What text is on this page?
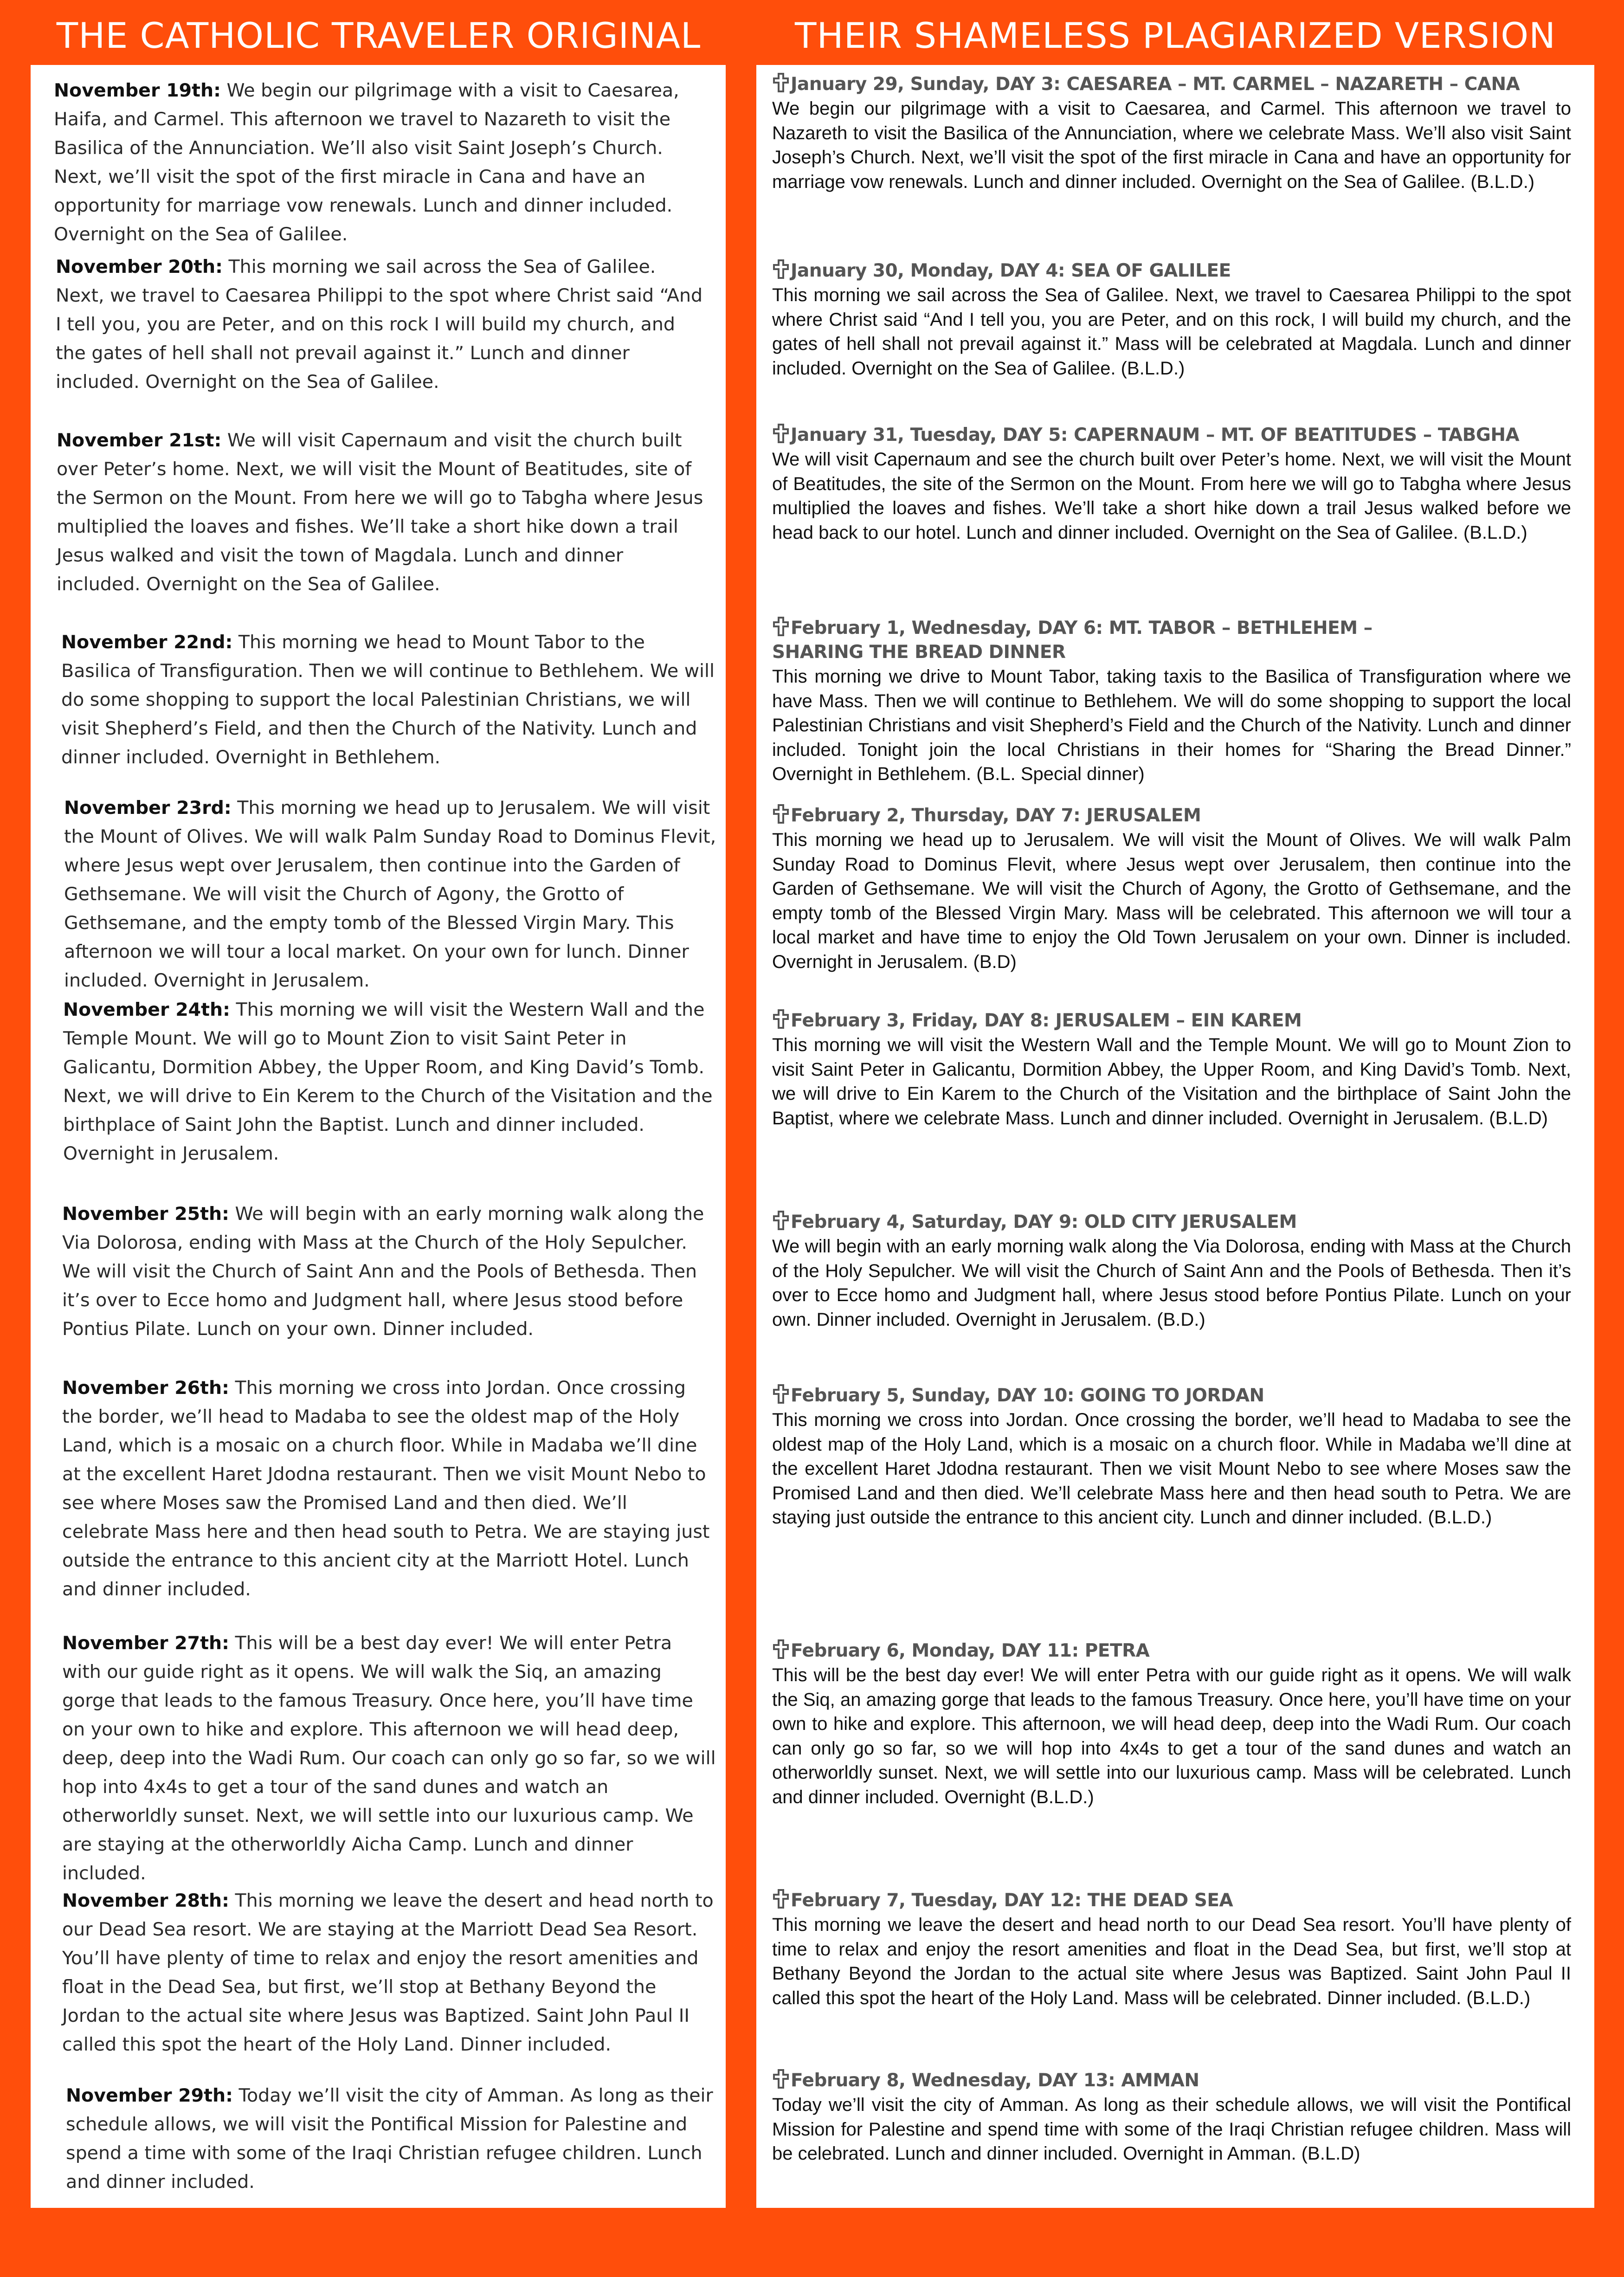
THE CATHOLIC TRAVELER ORIGINAL	THEIR SHAMELESS PLAGIARIZED VERSION

November 19th: We begin our pilgrimage with a visit to Caesarea, Haifa, and Carmel. This afternoon we travel to Nazareth to visit the Basilica of the Annunciation. We’ll also visit Saint Joseph’s Church. Next, we’ll visit the spot of the first miracle in Cana and have an opportunity for marriage vow renewals. Lunch and dinner included. Overnight on the Sea of Galilee.

November 20th: This morning we sail across the Sea of Galilee. Next, we travel to Caesarea Philippi to the spot where Christ said “And I tell you, you are Peter, and on this rock I will build my church, and the gates of hell shall not prevail against it.” Lunch and dinner included. Overnight on the Sea of Galilee.

November 21st: We will visit Capernaum and visit the church built over Peter’s home. Next, we will visit the Mount of Beatitudes, site of the Sermon on the Mount. From here we will go to Tabgha where Jesus multiplied the loaves and fishes. We’ll take a short hike down a trail Jesus walked and visit the town of Magdala. Lunch and dinner included. Overnight on the Sea of Galilee.

November 22nd: This morning we head to Mount Tabor to the Basilica of Transfiguration. Then we will continue to Bethlehem. We will do some shopping to support the local Palestinian Christians, we will visit Shepherd’s Field, and then the Church of the Nativity. Lunch and dinner included. Overnight in Bethlehem.

November 23rd: This morning we head up to Jerusalem. We will visit the Mount of Olives. We will walk Palm Sunday Road to Dominus Flevit, where Jesus wept over Jerusalem, then continue into the Garden of Gethsemane. We will visit the Church of Agony, the Grotto of Gethsemane, and the empty tomb of the Blessed Virgin Mary. This afternoon we will tour a local market. On your own for lunch. Dinner included. Overnight in Jerusalem.

November 24th: This morning we will visit the Western Wall and the Temple Mount. We will go to Mount Zion to visit Saint Peter in Galicantu, Dormition Abbey, the Upper Room, and King David’s Tomb. Next, we will drive to Ein Kerem to the Church of the Visitation and the birthplace of Saint John the Baptist. Lunch and dinner included. Overnight in Jerusalem.

November 25th: We will begin with an early morning walk along the Via Dolorosa, ending with Mass at the Church of the Holy Sepulcher. We will visit the Church of Saint Ann and the Pools of Bethesda. Then it’s over to Ecce homo and Judgment hall, where Jesus stood before Pontius Pilate. Lunch on your own. Dinner included.

November 26th: This morning we cross into Jordan. Once crossing the border, we’ll head to Madaba to see the oldest map of the Holy Land, which is a mosaic on a church floor. While in Madaba we’ll dine at the excellent Haret Jdodna restaurant. Then we visit Mount Nebo to see where Moses saw the Promised Land and then died. We’ll celebrate Mass here and then head south to Petra. We are staying just outside the entrance to this ancient city at the Marriott Hotel. Lunch and dinner included.

November 27th: This will be a best day ever! We will enter Petra with our guide right as it opens. We will walk the Siq, an amazing gorge that leads to the famous Treasury. Once here, you’ll have time on your own to hike and explore. This afternoon we will head deep, deep, deep into the Wadi Rum. Our coach can only go so far, so we will hop into 4x4s to get a tour of the sand dunes and watch an otherworldly sunset. Next, we will settle into our luxurious camp. We are staying at the otherworldly Aicha Camp. Lunch and dinner included.

November 28th: This morning we leave the desert and head north to our Dead Sea resort. We are staying at the Marriott Dead Sea Resort. You’ll have plenty of time to relax and enjoy the resort amenities and float in the Dead Sea, but first, we’ll stop at Bethany Beyond the Jordan to the actual site where Jesus was Baptized. Saint John Paul II called this spot the heart of the Holy Land. Dinner included.

November 29th: Today we’ll visit the city of Amman. As long as their schedule allows, we will visit the Pontifical Mission for Palestine and spend a time with some of the Iraqi Christian refugee children. Lunch and dinner included.

January 29, Sunday, DAY 3: CAESAREA – MT. CARMEL – NAZARETH – CANA

We begin our pilgrimage with a visit to Caesarea, and Carmel. This afternoon we travel to Nazareth to visit the Basilica of the Annunciation, where we celebrate Mass. We’ll also visit Saint Joseph’s Church. Next, we’ll visit the spot of the first miracle in Cana and have an opportunity for marriage vow renewals. Lunch and dinner included. Overnight on the Sea of Galilee. (B.L.D.)

January 30, Monday, DAY 4: SEA OF GALILEE

This morning we sail across the Sea of Galilee. Next, we travel to Caesarea Philippi to the spot where Christ said “And I tell you, you are Peter, and on this rock, I will build my church, and the gates of hell shall not prevail against it.” Mass will be celebrated at Magdala. Lunch and dinner included. Overnight on the Sea of Galilee. (B.L.D.)

January 31, Tuesday, DAY 5: CAPERNAUM – MT. OF BEATITUDES – TABGHA

We will visit Capernaum and see the church built over Peter’s home. Next, we will visit the Mount of Beatitudes, the site of the Sermon on the Mount. From here we will go to Tabgha where Jesus multiplied the loaves and fishes. We’ll take a short hike down a trail Jesus walked before we head back to our hotel. Lunch and dinner included. Overnight on the Sea of Galilee. (B.L.D.)

February 1, Wednesday, DAY 6: MT. TABOR – BETHLEHEM –
SHARING THE BREAD DINNER

This morning we drive to Mount Tabor, taking taxis to the Basilica of Transfiguration where we have Mass. Then we will continue to Bethlehem. We will do some shopping to support the local Palestinian Christians and visit Shepherd’s Field and the Church of the Nativity. Lunch and dinner included. Tonight join the local Christians in their homes for “Sharing the Bread Dinner.” Overnight in Bethlehem. (B.L. Special dinner)

February 2, Thursday, DAY 7: JERUSALEM

This morning we head up to Jerusalem. We will visit the Mount of Olives. We will walk Palm Sunday Road to Dominus Flevit, where Jesus wept over Jerusalem, then continue into the Garden of Gethsemane. We will visit the Church of Agony, the Grotto of Gethsemane, and the empty tomb of the Blessed Virgin Mary. Mass will be celebrated. This afternoon we will tour a local market and have time to enjoy the Old Town Jerusalem on your own. Dinner is included. Overnight in Jerusalem. (B.D)

February 3, Friday, DAY 8: JERUSALEM – EIN KAREM

This morning we will visit the Western Wall and the Temple Mount. We will go to Mount Zion to visit Saint Peter in Galicantu, Dormition Abbey, the Upper Room, and King David’s Tomb. Next, we will drive to Ein Karem to the Church of the Visitation and the birthplace of Saint John the Baptist, where we celebrate Mass. Lunch and dinner included. Overnight in Jerusalem. (B.L.D)

February 4, Saturday, DAY 9: OLD CITY JERUSALEM

We will begin with an early morning walk along the Via Dolorosa, ending with Mass at the Church of the Holy Sepulcher. We will visit the Church of Saint Ann and the Pools of Bethesda. Then it’s over to Ecce homo and Judgment hall, where Jesus stood before Pontius Pilate. Lunch on your own. Dinner included. Overnight in Jerusalem. (B.D.)

February 5, Sunday, DAY 10: GOING TO JORDAN

This morning we cross into Jordan. Once crossing the border, we’ll head to Madaba to see the oldest map of the Holy Land, which is a mosaic on a church floor. While in Madaba we’ll dine at the excellent Haret Jdodna restaurant. Then we visit Mount Nebo to see where Moses saw the Promised Land and then died. We’ll celebrate Mass here and then head south to Petra. We are staying just outside the entrance to this ancient city. Lunch and dinner included. (B.L.D.)

February 6, Monday, DAY 11: PETRA

This will be the best day ever! We will enter Petra with our guide right as it opens. We will walk the Siq, an amazing gorge that leads to the famous Treasury. Once here, you’ll have time on your own to hike and explore. This afternoon, we will head deep, deep into the Wadi Rum. Our coach can only go so far, so we will hop into 4x4s to get a tour of the sand dunes and watch an otherworldly sunset. Next, we will settle into our luxurious camp. Mass will be celebrated. Lunch and dinner included. Overnight (B.L.D.)

February 7, Tuesday, DAY 12: THE DEAD SEA

This morning we leave the desert and head north to our Dead Sea resort. You’ll have plenty of time to relax and enjoy the resort amenities and float in the Dead Sea, but first, we’ll stop at Bethany Beyond the Jordan to the actual site where Jesus was Baptized. Saint John Paul II called this spot the heart of the Holy Land. Mass will be celebrated. Dinner included. (B.L.D.)

February 8, Wednesday, DAY 13: AMMAN

Today we’ll visit the city of Amman. As long as their schedule allows, we will visit the Pontifical Mission for Palestine and spend time with some of the Iraqi Christian refugee children. Mass will be celebrated. Lunch and dinner included. Overnight in Amman. (B.L.D)
